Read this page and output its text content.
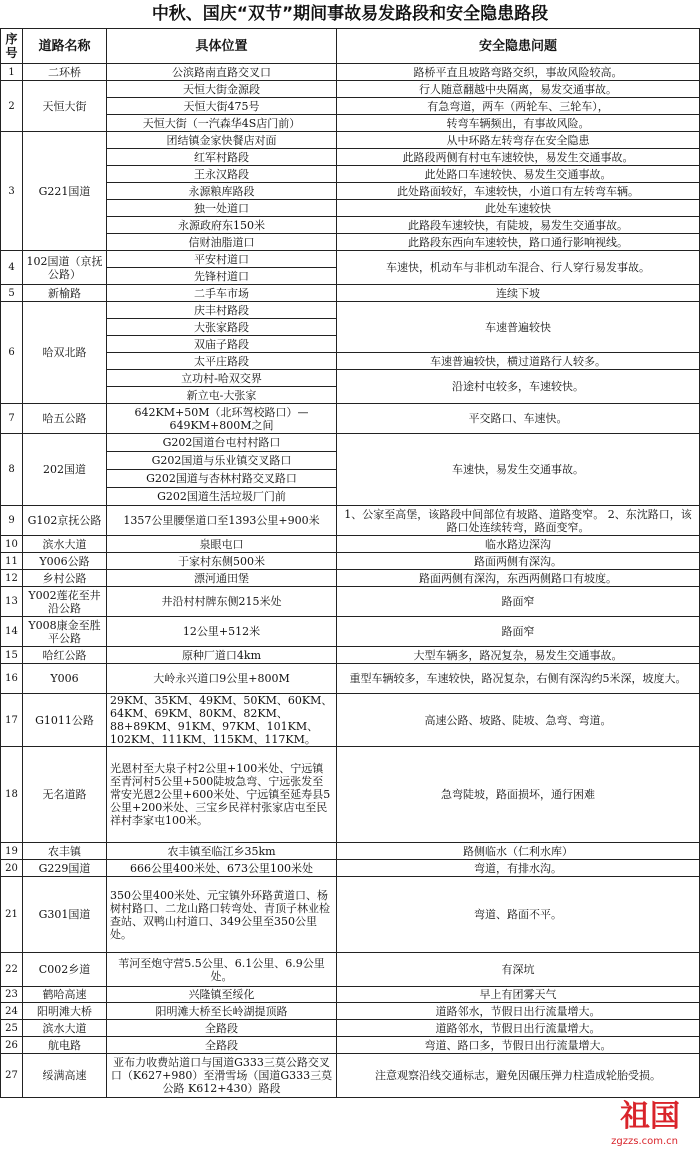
中秋、国庆“双节”期间事故易发路段和安全隐患路段
序号	道路名称	具体位置	安全隐患问题
1	二环桥	公滨路南直路交叉口	路桥平直且坡路弯路交织，事故风险较高。
2	天恒大街	天恒大街金源段	行人随意翻越中央隔离，易发交通事故。
		天恒大街475号	有急弯道，两车（两轮车、三轮车），
		天恒大街（一汽森华4S店门前）	转弯车辆频出，有事故风险。
3	G221国道	团结镇金家快餐店对面	从中环路左转弯存在安全隐患
		红军村路段	此路段两侧有村屯车速较快，易发生交通事故。
		王永汉路段	此处路口车速较快、易发生交通事故。
		永源粮库路段	此处路面较好，车速较快，小道口有左转弯车辆。
		独一处道口	此处车速较快
		永源政府东150米	此路段车速较快，有陡坡，易发生交通事故。
		信财油脂道口	此路段东西向车速较快，路口通行影响视线。
4	102国道（京抚公路）	平安村道口	车速快，机动车与非机动车混合、行人穿行易发事故。
		先锋村道口	
5	新榆路	二手车市场	连续下坡
6	哈双北路	庆丰村路段	车速普遍较快
		大张家路段	
		双庙子路段	
		太平庄路段	车速普遍较快，横过道路行人较多。
		立功村-哈双交界	沿途村屯较多，车速较快。
		新立屯-大张家	
7	哈五公路	642KM+50M（北环驾校路口）—649KM+800M之间	平交路口、车速快。
8	202国道	G202国道台屯村村路口	车速快，易发生交通事故。
		G202国道与乐业镇交叉路口	
		G202国道与杏林村路交叉路口	
		G202国道生活垃圾厂门前	
9	G102京抚公路	1357公里腰堡道口至1393公里+900米	1、公家至高堡，该路段中间部位有坡路、道路变窄。 2、东沈路口，该路口处连续转弯，路面变窄。
10	滨水大道	泉眼屯口	临水路边深沟
11	Y006公路	于家村东侧500米	路面两侧有深沟。
12	乡村公路	漂河通田堡	路面两侧有深沟，东西两侧路口有坡度。
13	Y002莲花至井沿公路	井沿村村牌东侧215米处	路面窄
14	Y008康金至胜平公路	12公里+512米	路面窄
15	哈红公路	原种厂道口4km	大型车辆多，路况复杂，易发生交通事故。
16	Y006	大岭永兴道口9公里+800M	重型车辆较多，车速较快，路况复杂，右侧有深沟约5米深，坡度大。
17	G1011公路	29KM、35KM、49KM、50KM、60KM、64KM、69KM、80KM、82KM、88+89KM、91KM、97KM、101KM、102KM、111KM、115KM、117KM。	高速公路、坡路、陡坡、急弯、弯道。
18	无名道路	光恩村至大泉子村2公里+100米处、宁远镇至青河村5公里+500陡坡急弯、宁远张发至常安光恩2公里+600米处、宁远镇至延寿县5公里+200米处、三宝乡民祥村张家店屯至民祥村李家屯100米。	急弯陡坡，路面损坏，通行困难
19	农丰镇	农丰镇至临江乡35km	路侧临水（仁利水库）
20	G229国道	666公里400米处、673公里100米处	弯道，有排水沟。
21	G301国道	350公里400米处、元宝镇外环路黄道口、杨树村路口、二龙山路口转弯处、青顶子林业检查站、双鸭山村道口、349公里至350公里处。	弯道、路面不平。
22	C002乡道	苇河至炮守营5.5公里、6.1公里、6.9公里处。	有深坑
23	鹤哈高速	兴隆镇至绥化	早上有团雾天气
24	阳明滩大桥	阳明滩大桥至长岭湖提顶路	道路邻水，节假日出行流量增大。
25	滨水大道	全路段	道路邻水，节假日出行流量增大。
26	航电路	全路段	弯道、路口多，节假日出行流量增大。
27	绥满高速	亚布力收费站道口与国道G333三莫公路交叉口（K627+980）至滑雪场（国道G333三莫公路 K612+430）路段	注意观察沿线交通标志，避免因碾压弹力柱造成轮胎受损。
祖国
zgzzs.com.cn
